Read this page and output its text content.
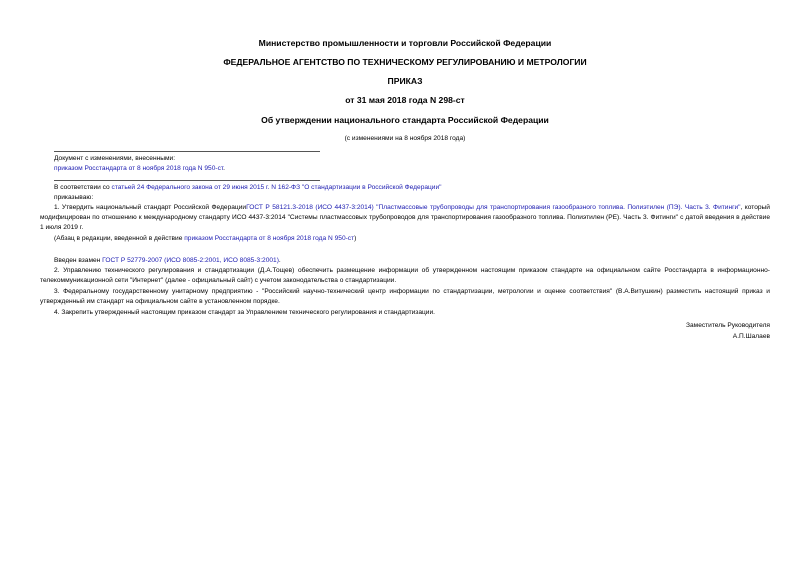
Министерство промышленности и торговли Российской Федерации
ФЕДЕРАЛЬНОЕ АГЕНТСТВО ПО ТЕХНИЧЕСКОМУ РЕГУЛИРОВАНИЮ И МЕТРОЛОГИИ
ПРИКАЗ
от 31 мая 2018 года N 298-ст
Об утверждении национального стандарта Российской Федерации
(с изменениями на 8 ноября 2018 года)
Документ с изменениями, внесенными:
приказом Росстандарта от 8 ноября 2018 года N 950-ст.

В соответствии со статьей 24 Федерального закона от 29 июня 2015 г. N 162-ФЗ "О стандартизации в Российской Федерации"

приказываю:

1. Утвердить национальный стандарт Российской ФедерацииГОСТ Р 58121.3-2018 (ИСО 4437-3:2014) "Пластмассовые трубопроводы для транспортирования газообразного топлива. Полиэтилен (ПЭ). Часть 3. Фитинги", который модифицирован по отношению к международному стандарту ИСО 4437-3:2014 "Системы пластмассовых трубопроводов для транспортирования газообразного топлива. Полиэтилен (PE). Часть 3. Фитинги" с датой введения в действие 1 июля 2019 г.

(Абзац в редакции, введенной в действие приказом Росстандарта от 8 ноября 2018 года N 950-ст)

Введен взамен ГОСТ Р 52779-2007 (ИСО 8085-2:2001, ИСО 8085-3:2001).

2. Управлению технического регулирования и стандартизации (Д.А.Тощев) обеспечить размещение информации об утвержденном настоящим приказом стандарте на официальном сайте Росстандарта в информационно-телекоммуникационной сети "Интернет" (далее - официальный сайт) с учетом законодательства о стандартизации.
3. Федеральному государственному унитарному предприятию - "Российский научно-технический центр информации по стандартизации, метрологии и оценке соответствия" (В.А.Витушкин) разместить настоящий приказ и утвержденный им стандарт на официальном сайте в установленном порядке.
4. Закрепить утвержденный настоящим приказом стандарт за Управлением технического регулирования и стандартизации.
Заместитель Руководителя
А.П.Шалаев
